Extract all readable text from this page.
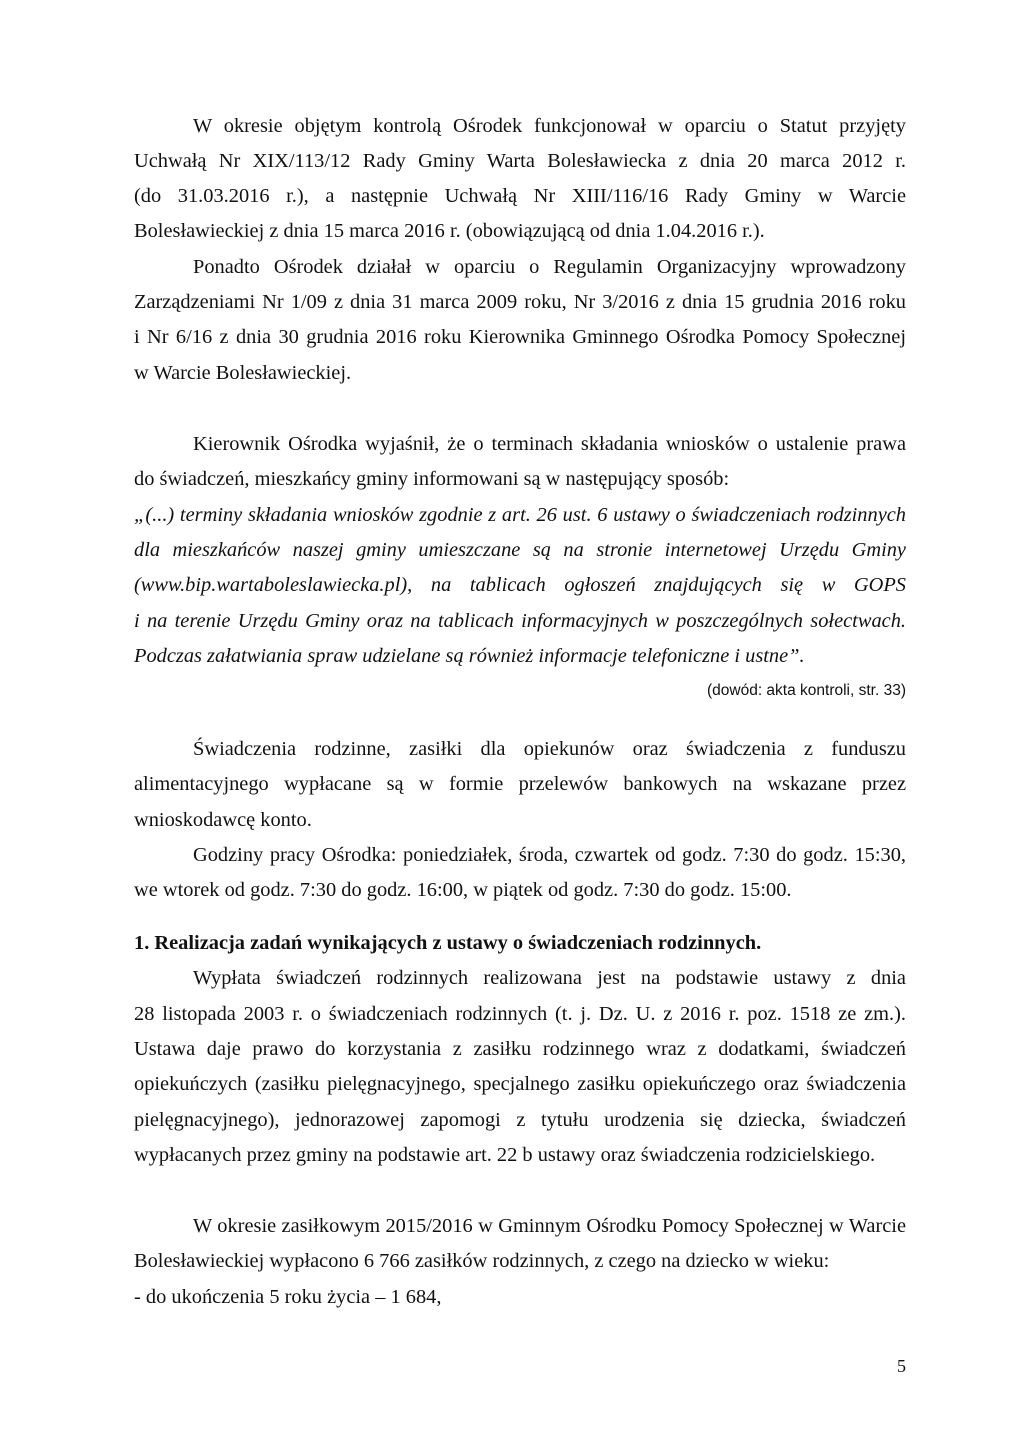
W okresie objętym kontrolą Ośrodek funkcjonował w oparciu o Statut przyjęty
Uchwałą Nr XIX/113/12 Rady Gminy Warta Bolesławiecka z dnia 20 marca 2012 r.
(do 31.03.2016 r.), a następnie Uchwałą Nr XIII/116/16 Rady Gminy w Warcie
Bolesławieckiej z dnia 15 marca 2016 r. (obowiązującą od dnia 1.04.2016 r.).
Ponadto Ośrodek działał w oparciu o Regulamin Organizacyjny wprowadzony
Zarządzeniami Nr 1/09 z dnia 31 marca 2009 roku, Nr 3/2016 z dnia 15 grudnia 2016 roku
i Nr 6/16 z dnia 30 grudnia 2016 roku Kierownika Gminnego Ośrodka Pomocy Społecznej
w Warcie Bolesławieckiej.
Kierownik Ośrodka wyjaśnił, że o terminach składania wniosków o ustalenie prawa
do świadczeń, mieszkańcy gminy informowani są w następujący sposób:
„(...) terminy składania wniosków zgodnie z art. 26 ust. 6 ustawy o świadczeniach rodzinnych
dla mieszkańców naszej gminy umieszczane są na stronie internetowej Urzędu Gminy
(www.bip.wartaboleslawiecka.pl), na tablicach ogłoszeń znajdujących się w GOPS
i na terenie Urzędu Gminy oraz na tablicach informacyjnych w poszczególnych sołectwach.
Podczas załatwiania spraw udzielane są również informacje telefoniczne i ustne”.
(dowód: akta kontroli, str. 33)
Świadczenia rodzinne, zasiłki dla opiekunów oraz świadczenia z funduszu
alimentacyjnego wypłacane są w formie przelewów bankowych na wskazane przez
wnioskodawcę konto.
Godziny pracy Ośrodka: poniedziałek, środa, czwartek od godz. 7:30 do godz. 15:30,
we wtorek od godz. 7:30 do godz. 16:00, w piątek od godz. 7:30 do godz. 15:00.
1. Realizacja zadań wynikających z ustawy o świadczeniach rodzinnych.
Wypłata świadczeń rodzinnych realizowana jest na podstawie ustawy z dnia
28 listopada 2003 r. o świadczeniach rodzinnych (t. j. Dz. U. z 2016 r. poz. 1518 ze zm.).
Ustawa daje prawo do korzystania z zasiłku rodzinnego wraz z dodatkami, świadczeń
opiekuńczych (zasiłku pielęgnacyjnego, specjalnego zasiłku opiekuńczego oraz świadczenia
pielęgnacyjnego), jednorazowej zapomogi z tytułu urodzenia się dziecka, świadczeń
wypłacanych przez gminy na podstawie art. 22 b ustawy oraz świadczenia rodzicielskiego.
W okresie zasiłkowym 2015/2016 w Gminnym Ośrodku Pomocy Społecznej w Warcie
Bolesławieckiej wypłacono 6 766 zasiłków rodzinnych, z czego na dziecko w wieku:
- do ukończenia 5 roku życia – 1 684,
5
